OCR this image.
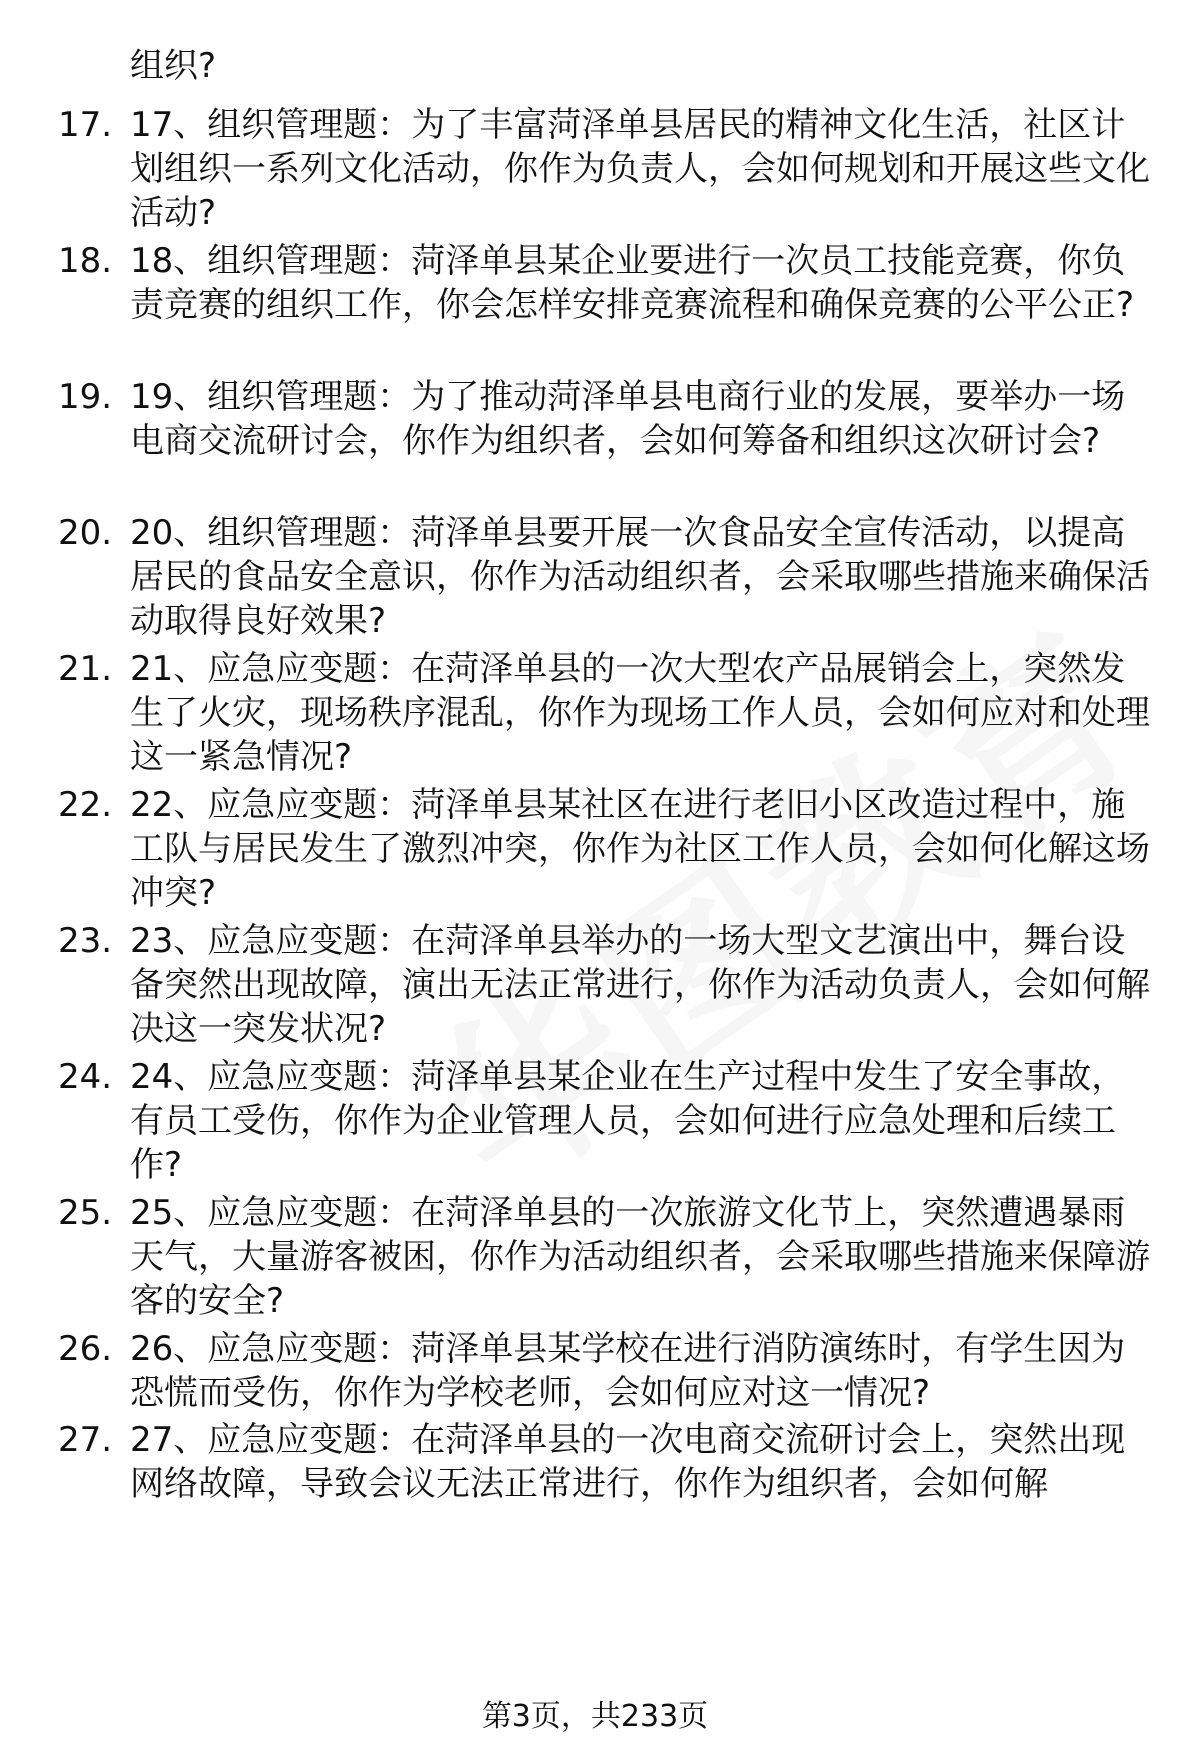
组织?
17. 17、组织管理题：为了丰富菏泽单县居民的精神文化生活，社区计划组织一系列文化活动，你作为负责人，会如何规划和开展这些文化活动?
18. 18、组织管理题：菏泽单县某企业要进行一次员工技能竞赛，你负责竞赛的组织工作，你会怎样安排竞赛流程和确保竞赛的公平公正?
19. 19、组织管理题：为了推动菏泽单县电商行业的发展，要举办一场电商交流研讨会，你作为组织者，会如何筹备和组织这次研讨会?
20. 20、组织管理题：菏泽单县要开展一次食品安全宣传活动，以提高居民的食品安全意识，你作为活动组织者，会采取哪些措施来确保活动取得良好效果?
21. 21、应急应变题：在菏泽单县的一次大型农产品展销会上，突然发生了火灾，现场秩序混乱，你作为现场工作人员，会如何应对和处理这一紧急情况?
22. 22、应急应变题：菏泽单县某社区在进行老旧小区改造过程中，施工队与居民发生了激烈冲突，你作为社区工作人员，会如何化解这场冲突?
23. 23、应急应变题：在菏泽单县举办的一场大型文艺演出中，舞台设备突然出现故障，演出无法正常进行，你作为活动负责人，会如何解决这一突发状况?
24. 24、应急应变题：菏泽单县某企业在生产过程中发生了安全事故，有员工受伤，你作为企业管理人员，会如何进行应急处理和后续工作?
25. 25、应急应变题：在菏泽单县的一次旅游文化节上，突然遭遇暴雨天气，大量游客被困，你作为活动组织者，会采取哪些措施来保障游客的安全?
26. 26、应急应变题：菏泽单县某学校在进行消防演练时，有学生因为恐慌而受伤，你作为学校老师，会如何应对这一情况?
27. 27、应急应变题：在菏泽单县的一次电商交流研讨会上，突然出现网络故障，导致会议无法正常进行，你作为组织者，会如何解
第3页，共233页
